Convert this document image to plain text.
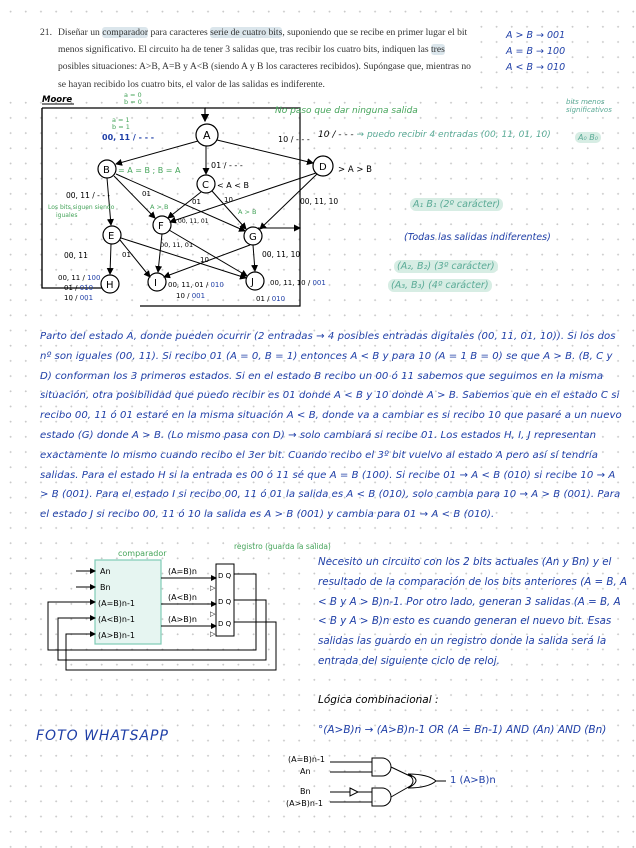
21. Diseñar un comparador para caracteres serie de cuatro bits, suponiendo que se recibe en primer lugar el bit menos significativo. El circuito ha de tener 3 salidas que, tras recibir los cuatro bits, indiquen las tres posibles situaciones: A>B, A=B y A<B (siendo A y B los caracteres recibidos). Supóngase que, mientras no se hayan recibido los cuatro bits, el valor de las salidas es indiferente.
A > B → 001
A = B → 100
A < B → 010
Moore
A
B
C
D
E
F
G
H	I	J
a = 0 b = 0
a = 1 b = 1
00, 11 / - - -
01 / - - -
10 / - - -
= A = B ; B = A
< A < B
> A > B
00, 11 / - - -
Los bits siguen siendo iguales
01
A > B
00, 11, 01
10
A > B
01	00, 11, 10
00, 11
00, 11, 01
00, 11, 10
10
01
00, 11 / 100 01 / 010 10 / 001
00, 11, 01 / 010 10 / 001
00, 11, 10 / 001 01 / 010
No paso que dar ninguna salida
bits menos significativos
10 / - - - → puedo recibir 4 entradas (00, 11, 01, 10)	A₀ B₀
A₁ B₁ (2º carácter)
(Todas las salidas indiferentes)
(A₂, B₂) (3º carácter)
(A₃, B₃) (4º carácter)
Parto del estado A, donde pueden ocurrir (2 entradas → 4 posibles entradas digitales (00, 11, 01, 10)). Si los dos nº son iguales (00, 11). Si recibo 01 (A = 0, B = 1) entonces A < B y para 10 (A = 1 B = 0) se que A > B. (B, C y D) conforman los 3 primeros estados. Si en el estado B recibo un 00 ó 11 sabemos que seguimos en la misma situación, otra posibilidad que puedo recibir es 01 donde A < B y 10 donde A > B. Sabemos que en el estado C si recibo 00, 11 ó 01 estaré en la misma situación A < B, donde va a cambiar es si recibo 10 que pasaré a un nuevo estado (G) donde A > B. (Lo mismo pasa con D) → solo cambiará si recibe 01. Los estados H, I, J representan exactamente lo mismo cuando recibo el 3er bit. Cuando recibo el 3º bit vuelvo al estado A pero así sí tendría salidas. Para el estado H si la entrada es 00 ó 11 sé que A = B (100). Si recibe 01 → A < B (010) si recibe 10 → A > B (001). Para el estado I si recibo 00, 11 ó 01 la salida es A < B (010), solo cambia para 10 → A > B (001). Para el estado J si recibo 00, 11 ó 10 la salida es A > B (001) y cambia para 01 → A < B (010).
comparador
registro (guarda la salida)
An
Bn
(A=B)n-1
(A<B)n-1
(A>B)n-1
(A=B)n
(A<B)n
(A>B)n
D Q
D Q
D Q
▷
▷
▷
Necesito un circuito con los 2 bits actuales (An y Bn) y el resultado de la comparación de los bits anteriores (A = B, A < B y A > B)n-1. Por otro lado, generan 3 salidas (A = B, A < B y A > B)n esto es cuando generan el nuevo bit. Esas salidas las guardo en un registro donde la salida será la entrada del siguiente ciclo de reloj.
Lógica combinacional :
°(A>B)n → (A>B)n-1 OR (A = Bn-1) AND (An) AND (Bn)
(A=B)n-1
An
Bn
(A>B)n-1
1 (A>B)n
FOTO WHATSAPP
